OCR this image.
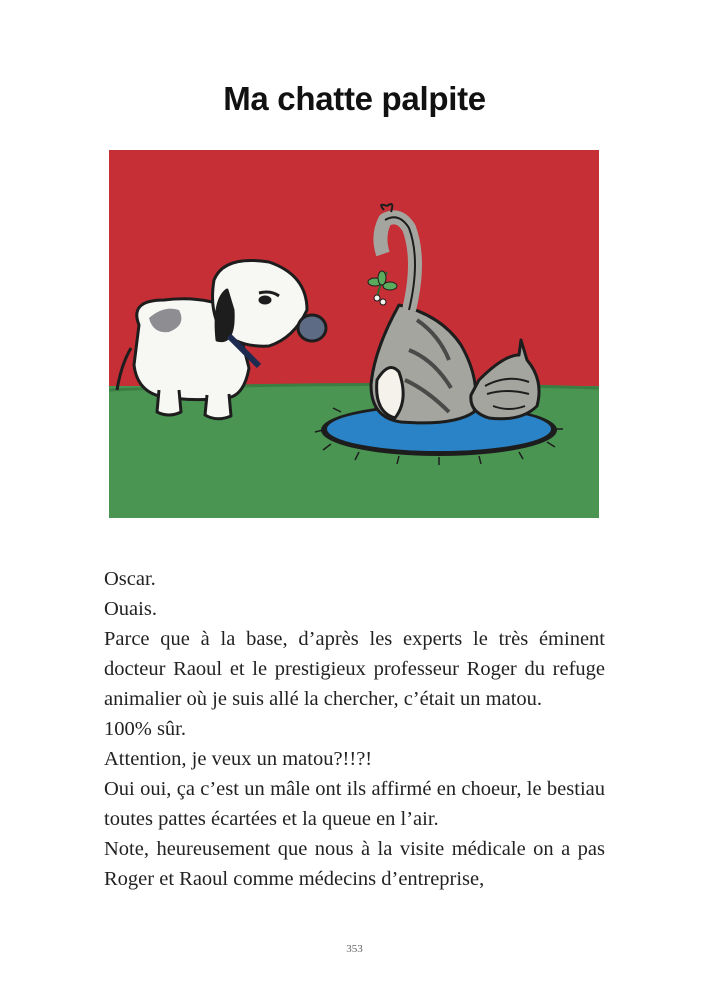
Ma chatte palpite

Oscar.

Ouais.

Parce que à la base, d’après les experts le très éminent docteur Raoul et le prestigieux professeur Roger du refuge animalier où je suis allé la chercher, c’était un matou.

100% sûr.

Attention, je veux un matou?!!?!

Oui oui, ça c’est un mâle ont ils affirmé en choeur, le bestiau toutes pattes écartées et la queue en l’air.

Note, heureusement que nous à la visite médicale on a pas Roger et Raoul comme médecins d’entreprise,

353
